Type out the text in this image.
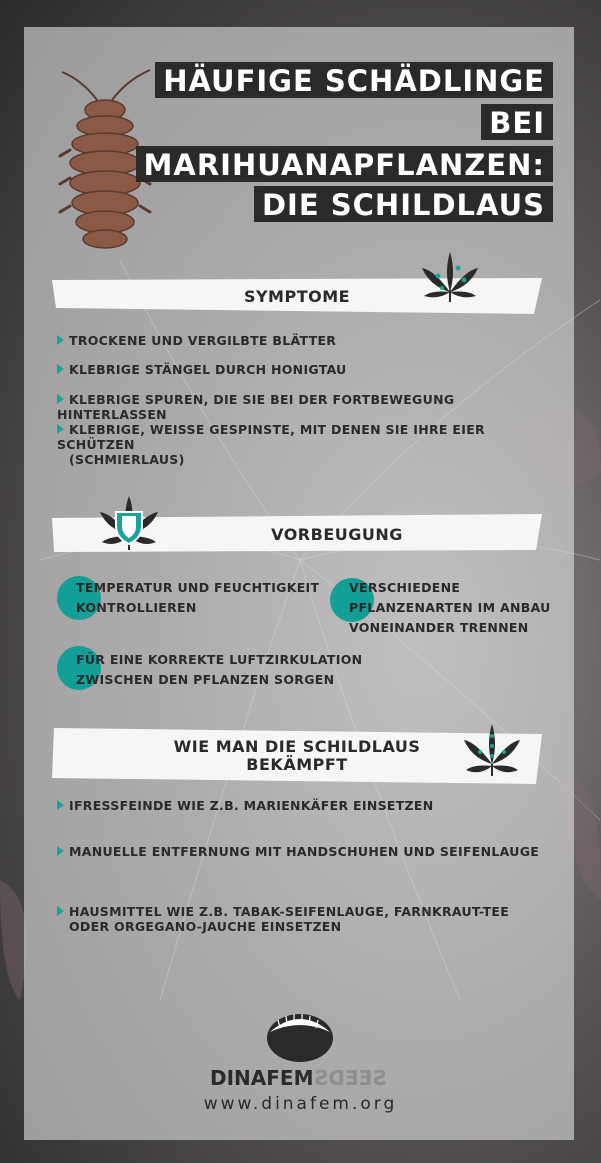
HÄUFIGE SCHÄDLINGE
BEI
MARIHUANAPFLANZEN:
DIE SCHILDLAUS
SYMPTOME
TROCKENE UND VERGILBTE BLÄTTER
KLEBRIGE STÄNGEL DURCH HONIGTAU
KLEBRIGE SPUREN, DIE SIE BEI DER FORTBEWEGUNG HINTERLASSEN
KLEBRIGE, WEISSE GESPINSTE, MIT DENEN SIE IHRE EIER SCHÜTZEN
(SCHMIERLAUS)
VORBEUGUNG
TEMPERATUR UND FEUCHTIGKEIT
KONTROLLIEREN
VERSCHIEDENE
PFLANZENARTEN IM ANBAU
VONEINANDER TRENNEN
FÜR EINE KORREKTE LUFTZIRKULATION
ZWISCHEN DEN PFLANZEN SORGEN
WIE MAN DIE SCHILDLAUS
BEKÄMPFT
IFRESSFEINDE WIE Z.B. MARIENKÄFER EINSETZEN
MANUELLE ENTFERNUNG MIT HANDSCHUHEN UND SEIFENLAUGE
HAUSMITTEL WIE Z.B. TABAK-SEIFENLAUGE, FARNKRAUT-TEE
ODER ORGEGANO-JAUCHE EINSETZEN
DINAFEMSEEDS
www.dinafem.org
